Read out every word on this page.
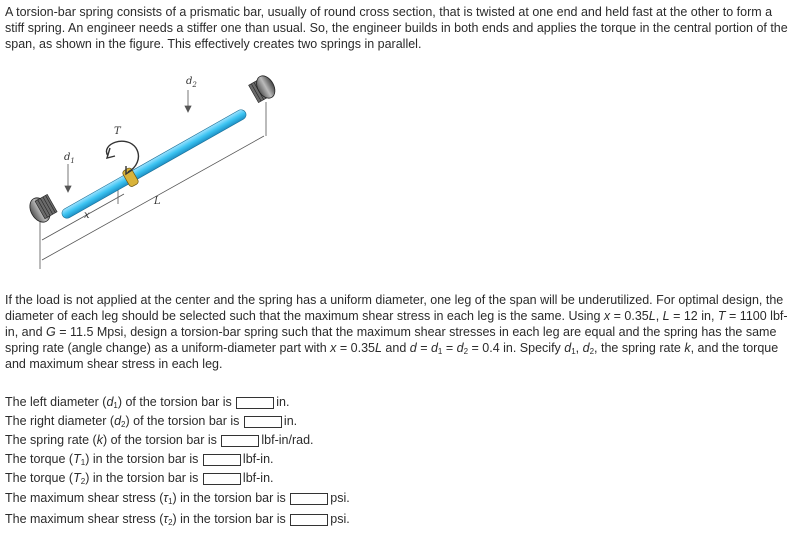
A torsion-bar spring consists of a prismatic bar, usually of round cross section, that is twisted at one end and held fast at the other to form a stiff spring. An engineer needs a stiffer one than usual. So, the engineer builds in both ends and applies the torque in the central portion of the span, as shown in the figure. This effectively creates two springs in parallel.

$d_1$
$d_2$
T
x
L

If the load is not applied at the center and the spring has a uniform diameter, one leg of the span will be underutilized. For optimal design, the diameter of each leg should be selected such that the maximum shear stress in each leg is the same. Using x = 0.35L, L = 12 in, T = 1100 lbf-in, and G = 11.5 Mpsi, design a torsion-bar spring such that the maximum shear stresses in each leg are equal and the spring has the same spring rate (angle change) as a uniform-diameter part with x = 0.35L and $d = d_1 = d_2 = 0.4$ in. Specify $d_1$, $d_2$, the spring rate k, and the torque and maximum shear stress in each leg.

The left diameter $(d_1)$ of the torsion bar is	in.
The right diameter $(d_2)$ of the torsion bar is	in.
The spring rate (k) of the torsion bar is	lbf-in/rad.
The torque $(T_1)$ in the torsion bar is	lbf-in.
The torque $(T_2)$ in the torsion bar is	lbf-in.
The maximum shear stress $(\tau_1)$ in the torsion bar is	psi.
The maximum shear stress $(\tau_2)$ in the torsion bar is	psi.
